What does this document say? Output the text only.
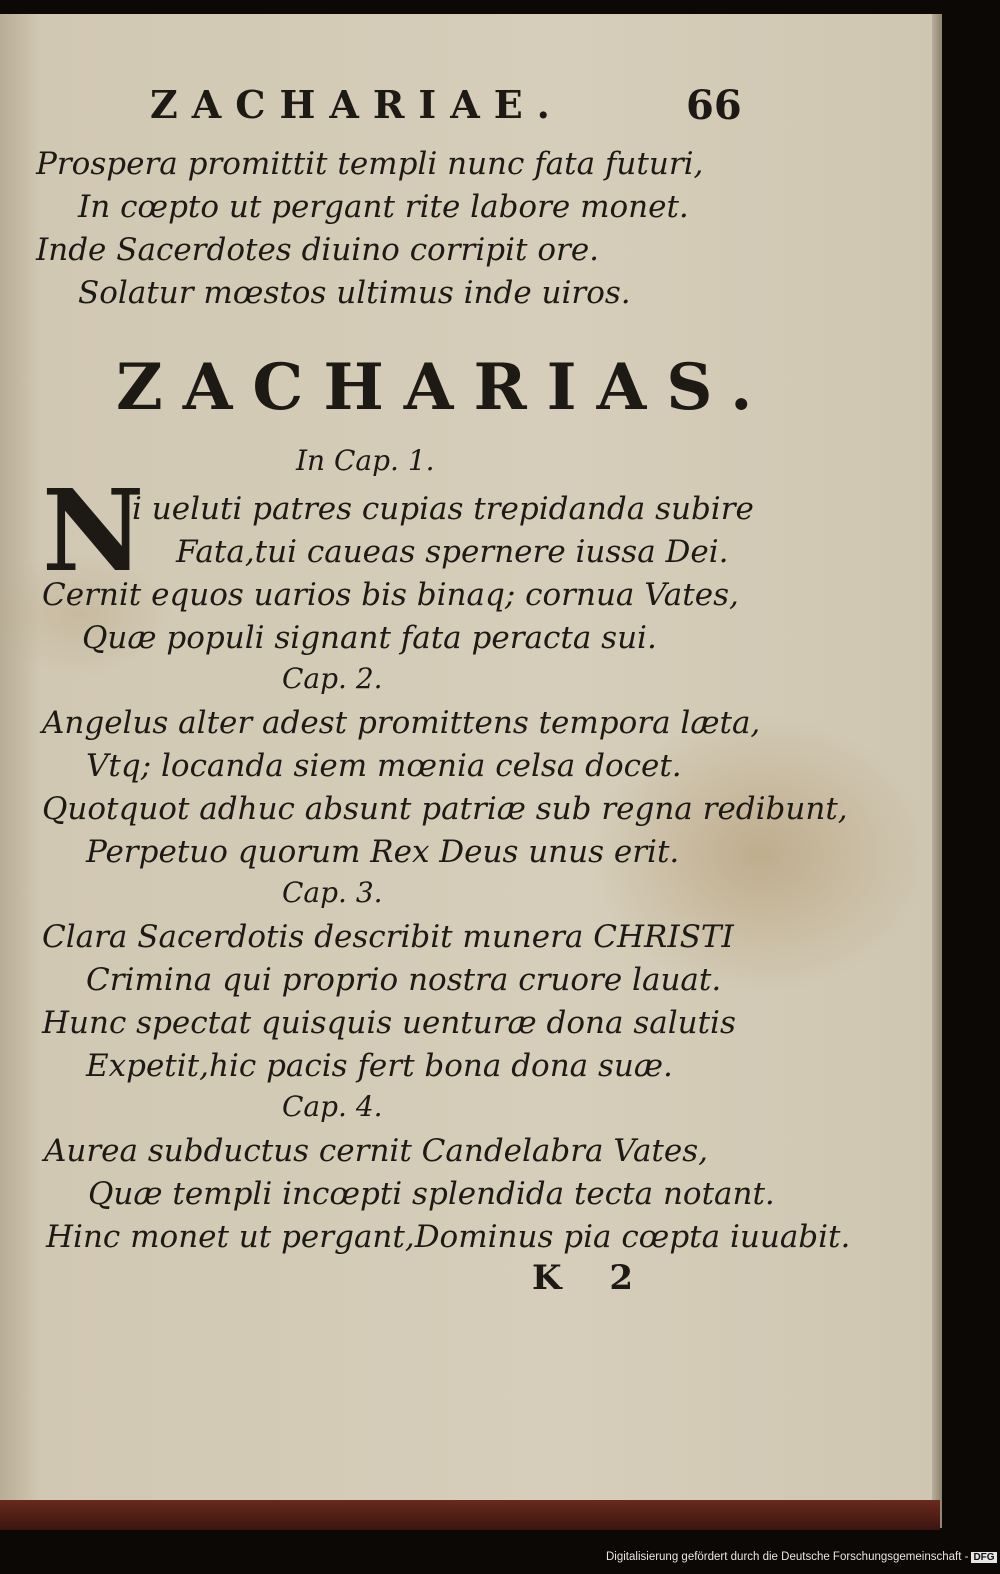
ZACHARIAE.	66
Prospera promittit templi nunc fata futuri,
In cœpto ut pergant rite labore monet.
Inde Sacerdotes diuino corripit ore.
Solatur mœstos ultimus inde uiros.
ZACHARIAS.
In Cap. 1.
N
i ueluti patres cupias trepidanda subire
Fata,tui caueas spernere iussa Dei.
Cernit equos uarios bis binaq; cornua Vates,
Quæ populi signant fata peracta sui.
Cap. 2.
Angelus alter adest promittens tempora læta,
Vtq; locanda siem mœnia celsa docet.
Quotquot adhuc absunt patriæ sub regna redibunt,
Perpetuo quorum Rex Deus unus erit.
Cap. 3.
Clara Sacerdotis describit munera CHRISTI
Crimina qui proprio nostra cruore lauat.
Hunc spectat quisquis uenturæ dona salutis
Expetit,hic pacis fert bona dona suæ.
Cap. 4.
Aurea subductus cernit Candelabra Vates,
Quæ templi incœpti splendida tecta notant.
Hinc monet ut pergant,Dominus pia cœpta iuuabit.
K 2
Digitalisierung gefördert durch die Deutsche Forschungsgemeinschaft - DFG
